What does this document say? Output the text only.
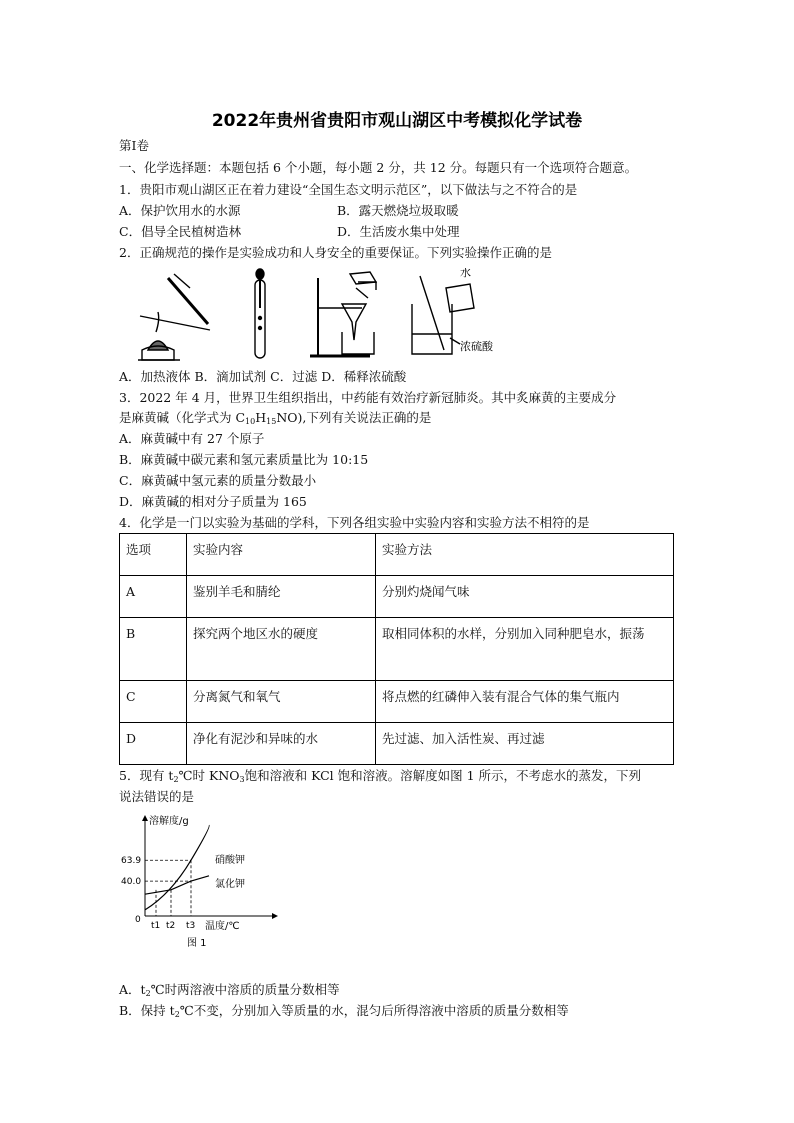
2022年贵州省贵阳市观山湖区中考模拟化学试卷
第Ⅰ卷
一、化学选择题：本题包括 6 个小题，每小题 2 分，共 12 分。每题只有一个选项符合题意。
1．贵阳市观山湖区正在着力建设“全国生态文明示范区”，以下做法与之不符合的是
A．保护饮用水的水源	B．露天燃烧垃圾取暖
C．倡导全民植树造林	D．生活废水集中处理
2．正确规范的操作是实验成功和人身安全的重要保证。下列实验操作正确的是
水
浓硫酸
A．加热液体 B．滴加试剂 C．过滤 D．稀释浓硫酸
3．2022 年 4 月，世界卫生组织指出，中药能有效治疗新冠肺炎。其中炙麻黄的主要成分
是麻黄碱（化学式为 $C_{10}H_{15}NO$),下列有关说法正确的是
A．麻黄碱中有 27 个原子
B．麻黄碱中碳元素和氢元素质量比为 10:15
C．麻黄碱中氢元素的质量分数最小
D．麻黄碱的相对分子质量为 165
4．化学是一门以实验为基础的学科，下列各组实验中实验内容和实验方法不相符的是
选项	实验内容	实验方法
A	鉴别羊毛和腈纶	分别灼烧闻气味
B	探究两个地区水的硬度	取相同体积的水样，分别加入同种肥皂水，振荡
C	分离氮气和氧气	将点燃的红磷伸入装有混合气体的集气瓶内
D	净化有泥沙和异味的水	先过滤、加入活性炭、再过滤
5．现有 t2℃时 KNO3饱和溶液和 KCl 饱和溶液。溶解度如图 1 所示，不考虑水的蒸发，下列
说法错误的是
40.0
63.9
t1 t2 t3
硝酸钾
氯化钾
溶解度/g
温度/℃
0
图 1
A．t2℃时两溶液中溶质的质量分数相等
B．保持 t2℃不变，分别加入等质量的水，混匀后所得溶液中溶质的质量分数相等
